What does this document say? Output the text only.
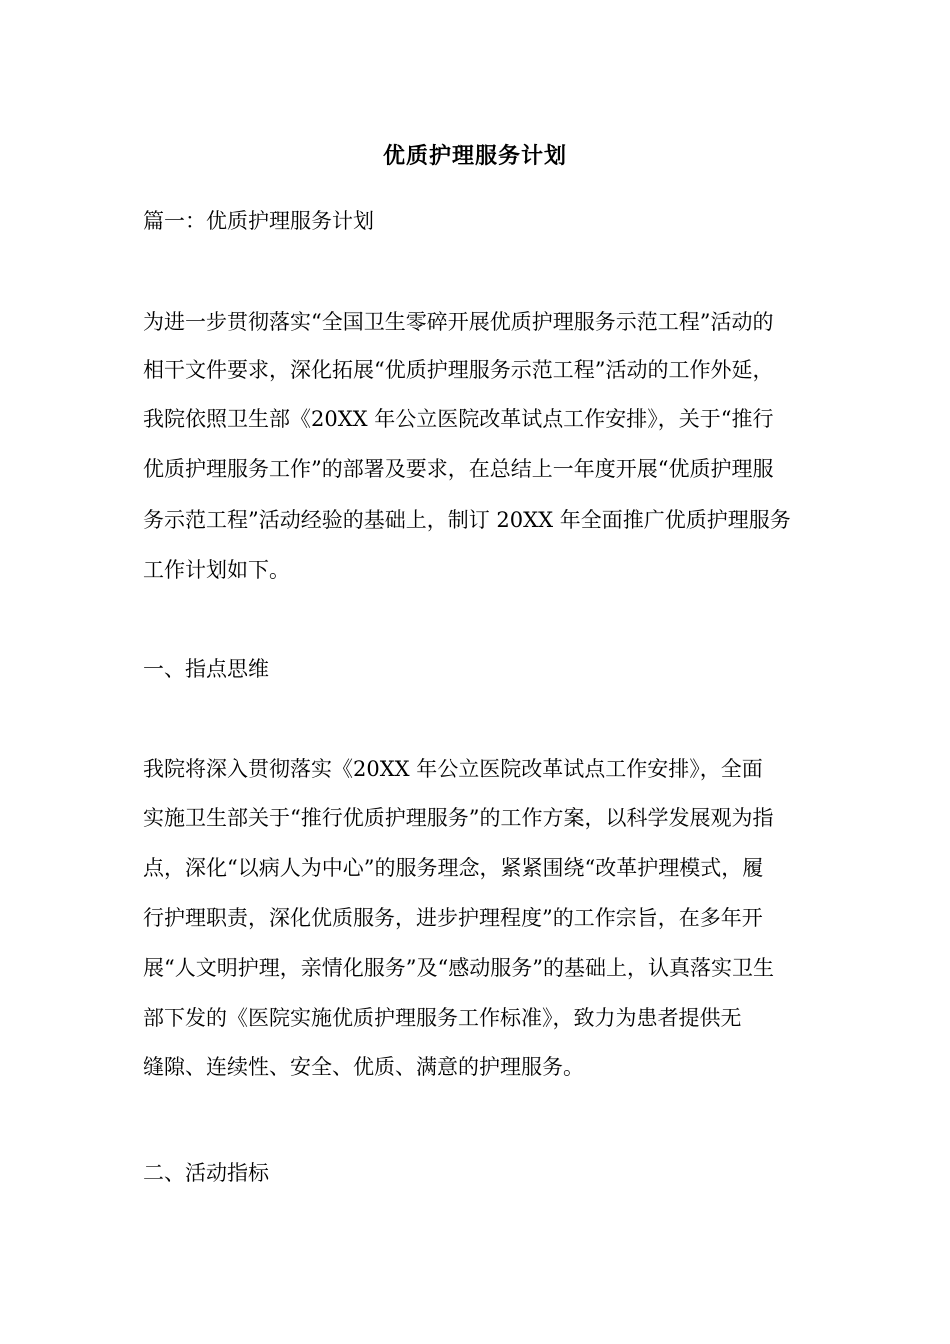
优质护理服务计划
篇一：优质护理服务计划
为进一步贯彻落实“全国卫生零碎开展优质护理服务示范工程”活动的
相干文件要求，深化拓展“优质护理服务示范工程”活动的工作外延，
我院依照卫生部《20XX 年公立医院改革试点工作安排》，关于“推行
优质护理服务工作”的部署及要求，在总结上一年度开展“优质护理服
务示范工程”活动经验的基础上，制订 20XX 年全面推广优质护理服务
工作计划如下。
一、指点思维
我院将深入贯彻落实《20XX 年公立医院改革试点工作安排》，全面
实施卫生部关于“推行优质护理服务”的工作方案，以科学发展观为指
点，深化“以病人为中心”的服务理念，紧紧围绕“改革护理模式，履
行护理职责，深化优质服务，进步护理程度”的工作宗旨，在多年开
展“人文明护理，亲情化服务”及“感动服务”的基础上，认真落实卫生
部下发的《医院实施优质护理服务工作标准》，致力为患者提供无
缝隙、连续性、安全、优质、满意的护理服务。
二、活动指标
